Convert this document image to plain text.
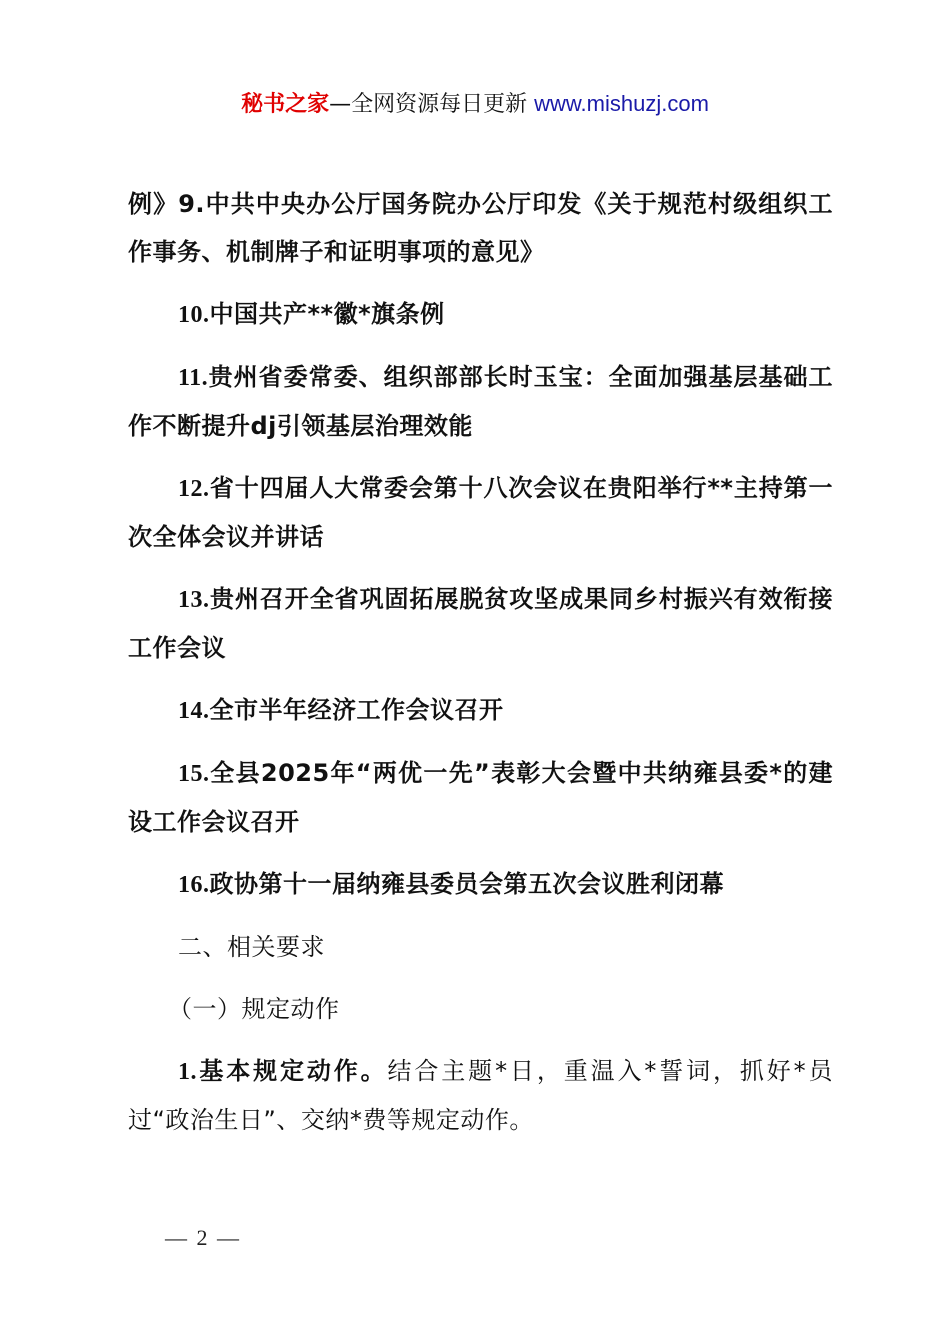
秘书之家—全网资源每日更新 www.mishuzj.com

例》9.中共中央办公厅国务院办公厅印发《关于规范村级组织工作事务、机制牌子和证明事项的意见》

10.中国共产**徽*旗条例

11.贵州省委常委、组织部部长时玉宝：全面加强基层基础工作不断提升dj引领基层治理效能

12.省十四届人大常委会第十八次会议在贵阳举行**主持第一次全体会议并讲话

13.贵州召开全省巩固拓展脱贫攻坚成果同乡村振兴有效衔接工作会议

14.全市半年经济工作会议召开

15.全县2025年“两优一先”表彰大会暨中共纳雍县委*的建设工作会议召开

16.政协第十一届纳雍县委员会第五次会议胜利闭幕

二、相关要求

（一）规定动作

1.基本规定动作。结合主题*日，重温入*誓词，抓好*员过“政治生日”、交纳*费等规定动作。

— 2 —
